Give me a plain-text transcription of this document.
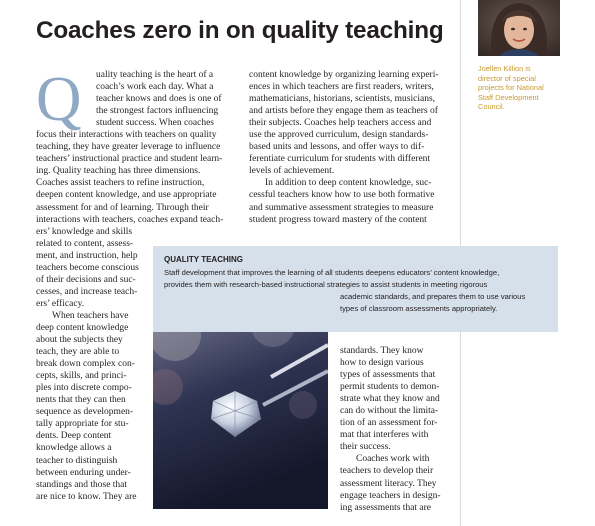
Joellen Killion is
director of special
projects for National
Staff Development
Council.
Coaches zero in on quality teaching
Q	uality teaching is the heart of a
coach’s work each day. What a
teacher knows and does is one of
the strongest factors influencing
student success. When coaches
focus their interactions with teachers on quality
teaching, they have greater leverage to influence
teachers’ instructional practice and student learn-
ing. Quality teaching has three dimensions.
Coaches assist teachers to refine instruction,
deepen content knowledge, and use appropriate
assessment for and of learning. Through their
interactions with teachers, coaches expand teach-
ers’ knowledge and skills
related to content, assess-
ment, and instruction, help
teachers become conscious
of their decisions and suc-
cesses, and increase teach-
ers’ efficacy.
When teachers have
deep content knowledge
about the subjects they
teach, they are able to
break down complex con-
cepts, skills, and princi-
ples into discrete compo-
nents that they can then
sequence as developmen-
tally appropriate for stu-
dents. Deep content
knowledge allows a
teacher to distinguish
between enduring under-
standings and those that
are nice to know. They are
content knowledge by organizing learning experi-
ences in which teachers are first readers, writers,
mathematicians, historians, scientists, musicians,
and artists before they engage them as teachers of
their subjects. Coaches help teachers access and
use the approved curriculum, design standards-
based units and lessons, and offer ways to dif-
ferentiate curriculum for students with different
levels of achievement.
In addition to deep content knowledge, suc-
cessful teachers know how to use both formative
and summative assessment strategies to measure
student progress toward mastery of the content
standards. They know
how to design various
types of assessments that
permit students to demon-
strate what they know and
can do without the limita-
tion of an assessment for-
mat that interferes with
their success.
Coaches work with
teachers to develop their
assessment literacy. They
engage teachers in design-
ing assessments that are
QUALITY TEACHING
Staff development that improves the learning of all students deepens educators’ content knowledge,
provides them with research-based instructional strategies to assist students in meeting rigorous
academic standards, and prepares them to use various
types of classroom assessments appropriately.
